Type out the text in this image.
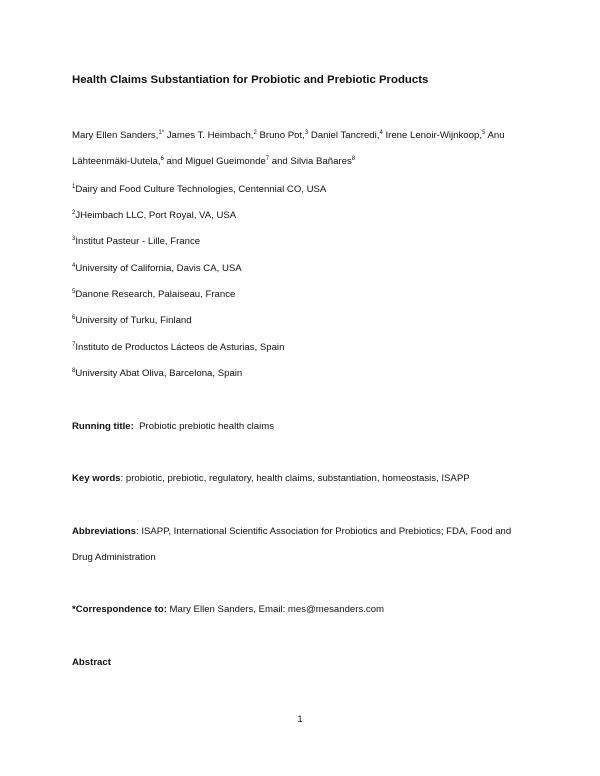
Health Claims Substantiation for Probiotic and Prebiotic Products
Mary Ellen Sanders,$^{1*}$ James T. Heimbach,$^2$ Bruno Pot,$^3$ Daniel Tancredi,$^4$ Irene Lenoir-Wijnkoop,$^5$ Anu
Lähteenmäki-Uutela,$^6$ and Miguel Gueimonde$^7$ and Silvia Bañares$^8$
$^1$Dairy and Food Culture Technologies, Centennial CO, USA
$^2$JHeimbach LLC, Port Royal, VA, USA
$^3$Institut Pasteur - Lille, France
$^4$University of California, Davis CA, USA
$^5$Danone Research, Palaiseau, France
$^6$University of Turku, Finland
$^7$Instituto de Productos Lácteos de Asturias, Spain
$^8$University Abat Oliva, Barcelona, Spain
Running title:  Probiotic prebiotic health claims
Key words: probiotic, prebiotic, regulatory, health claims, substantiation, homeostasis, ISAPP
Abbreviations: ISAPP, International Scientific Association for Probiotics and Prebiotics; FDA, Food and
Drug Administration
*Correspondence to: Mary Ellen Sanders, Email: mes@mesanders.com
Abstract
1
